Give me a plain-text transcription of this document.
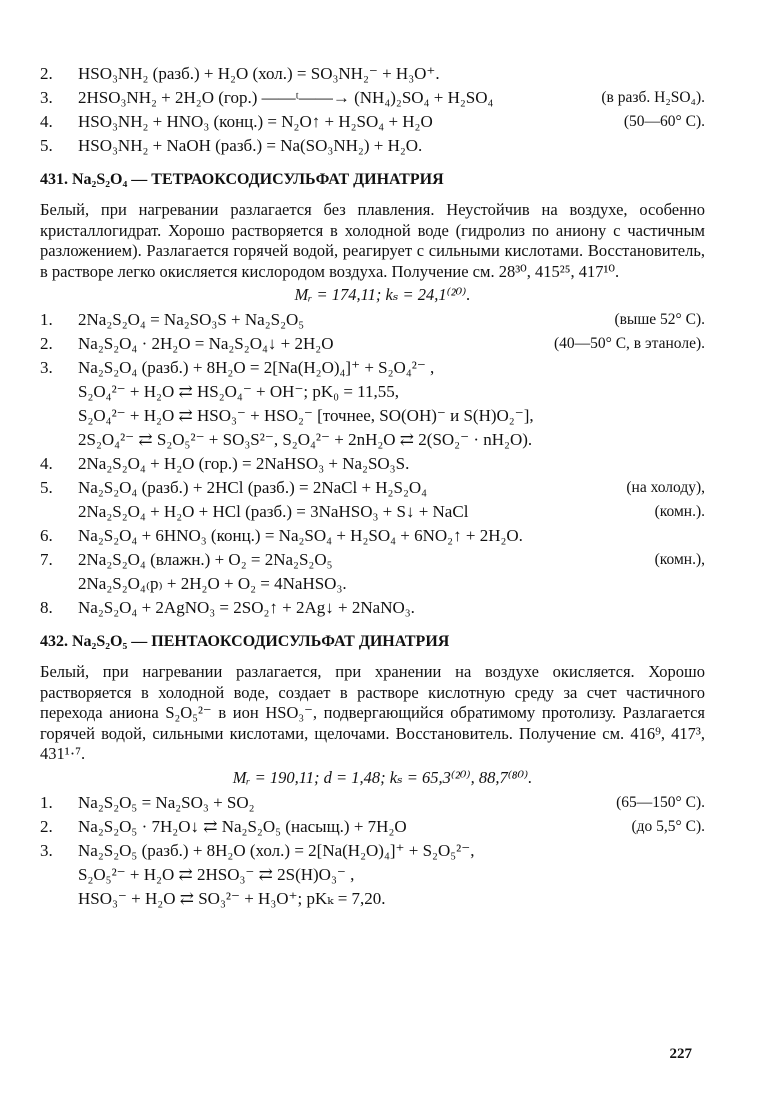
2.	HSO₃NH₂ (разб.) + H₂O (хол.) = SO₃NH₂⁻ + H₃O⁺.
3.	2HSO₃NH₂ + 2H₂O (гор.) ——ᵗ——→ (NH₄)₂SO₄ + H₂SO₄	(в разб. H₂SO₄).
4.	HSO₃NH₂ + HNO₃ (конц.) = N₂O↑ + H₂SO₄ + H₂O	(50—60° C).
5.	HSO₃NH₂ + NaOH (разб.) = Na(SO₃NH₂) + H₂O.
431. Na₂S₂O₄ — ТЕТРАОКСОДИСУЛЬФАТ ДИНАТРИЯ

Белый, при нагревании разлагается без плавления. Неустойчив на воздухе, особенно кристаллогидрат. Хорошо растворяется в холодной воде (гидролиз по аниону с частичным разложением). Разлагается горячей водой, реагирует с сильными кислотами. Восстановитель, в растворе легко окисляется кислородом воздуха. Получение см. 28³⁰, 415²⁵, 417¹⁰.

Mᵣ = 174,11; kₛ = 24,1⁽²⁰⁾.
1.	2Na₂S₂O₄ = Na₂SO₃S + Na₂S₂O₅	(выше 52° C).
2.	Na₂S₂O₄ · 2H₂O = Na₂S₂O₄↓ + 2H₂O	(40—50° C, в этаноле).
3.	Na₂S₂O₄ (разб.) + 8H₂O = 2[Na(H₂O)₄]⁺ + S₂O₄²⁻ ,
S₂O₄²⁻ + H₂O ⇄ HS₂O₄⁻ + OH⁻; pK₀ = 11,55,
S₂O₄²⁻ + H₂O ⇄ HSO₃⁻ + HSO₂⁻ [точнее, SO(OH)⁻ и S(H)O₂⁻],
2S₂O₄²⁻ ⇄ S₂O₅²⁻ + SO₃S²⁻, S₂O₄²⁻ + 2nH₂O ⇄ 2(SO₂⁻ · nH₂O).
4.	2Na₂S₂O₄ + H₂O (гор.) = 2NaHSO₃ + Na₂SO₃S.
5.	Na₂S₂O₄ (разб.) + 2HCl (разб.) = 2NaCl + H₂S₂O₄	(на холоду),
2Na₂S₂O₄ + H₂O + HCl (разб.) = 3NaHSO₃ + S↓ + NaCl	(комн.).
6.	Na₂S₂O₄ + 6HNO₃ (конц.) = Na₂SO₄ + H₂SO₄ + 6NO₂↑ + 2H₂O.
7.	2Na₂S₂O₄ (влажн.) + O₂ = 2Na₂S₂O₅	(комн.),
2Na₂S₂O₄₍р₎ + 2H₂O + O₂ = 4NaHSO₃.
8.	Na₂S₂O₄ + 2AgNO₃ = 2SO₂↑ + 2Ag↓ + 2NaNO₃.
432. Na₂S₂O₅ — ПЕНТАОКСОДИСУЛЬФАТ ДИНАТРИЯ

Белый, при нагревании разлагается, при хранении на воздухе окисляется. Хорошо растворяется в холодной воде, создает в растворе кислотную среду за счет частичного перехода аниона S₂O₅²⁻ в ион HSO₃⁻, подвергающийся обратимому протолизу. Разлагается горячей водой, сильными кислотами, щелочами. Восстановитель. Получение см. 416⁹, 417³, 431¹·⁷.

Mᵣ = 190,11; d = 1,48; kₛ = 65,3⁽²⁰⁾, 88,7⁽⁸⁰⁾.
1.	Na₂S₂O₅ = Na₂SO₃ + SO₂	(65—150° C).
2.	Na₂S₂O₅ · 7H₂O↓ ⇄ Na₂S₂O₅ (насыщ.) + 7H₂O	(до 5,5° C).
3.	Na₂S₂O₅ (разб.) + 8H₂O (хол.) = 2[Na(H₂O)₄]⁺ + S₂O₅²⁻,
S₂O₅²⁻ + H₂O ⇄ 2HSO₃⁻ ⇄ 2S(H)O₃⁻ ,
HSO₃⁻ + H₂O ⇄ SO₃²⁻ + H₃O⁺; pKₖ = 7,20.
227
